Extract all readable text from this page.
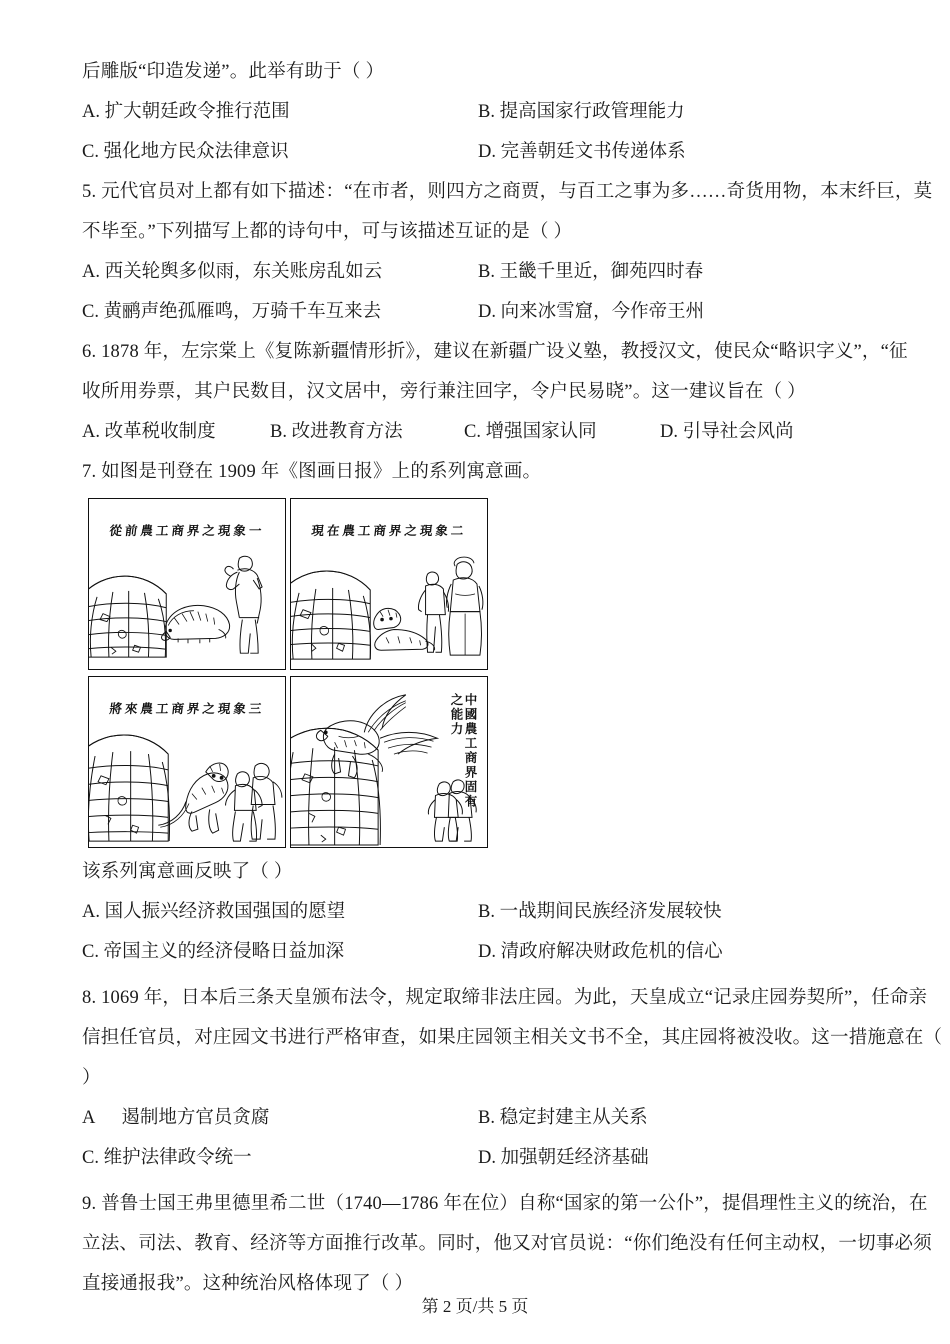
后雕版“印造发递”。此举有助于（ ）
A. 扩大朝廷政令推行范围	B. 提高国家行政管理能力
C. 强化地方民众法律意识	D. 完善朝廷文书传递体系
5. 元代官员对上都有如下描述：“在市者，则四方之商贾，与百工之事为多……奇货用物，本末纤巨，莫
不毕至。”下列描写上都的诗句中，可与该描述互证的是（ ）
A. 西关轮舆多似雨，东关账房乱如云	B. 王畿千里近，御苑四时春
C. 黄鹂声绝孤雁鸣，万骑千车互来去	D. 向来冰雪窟，今作帝王州
6. 1878 年，左宗棠上《复陈新疆情形折》，建议在新疆广设义塾，教授汉文，使民众“略识字义”，“征
收所用券票，其户民数目，汉文居中，旁行兼注回字，令户民易晓”。这一建议旨在（ ）
A. 改革税收制度	B. 改进教育方法	C. 增强国家认同	D. 引导社会风尚
7. 如图是刊登在 1909 年《图画日报》上的系列寓意画。
從前農工商界之現象一	現在農工商界之現象二
將來農工商界之現象三	中國農工商界固有之能力
该系列寓意画反映了（ ）
A. 国人振兴经济救国强国的愿望	B. 一战期间民族经济发展较快
C. 帝国主义的经济侵略日益加深	D. 清政府解决财政危机的信心
8. 1069 年，日本后三条天皇颁布法令，规定取缔非法庄园。为此，天皇成立“记录庄园券契所”，任命亲
信担任官员，对庄园文书进行严格审查，如果庄园领主相关文书不全，其庄园将被没收。这一措施意在（
）
A 遏制地方官员贪腐	B. 稳定封建主从关系
C. 维护法律政令统一	D. 加强朝廷经济基础
9. 普鲁士国王弗里德里希二世（1740—1786 年在位）自称“国家的第一公仆”，提倡理性主义的统治，在
立法、司法、教育、经济等方面推行改革。同时，他又对官员说：“你们绝没有任何主动权，一切事必须
直接通报我”。这种统治风格体现了（ ）
第 2 页/共 5 页
